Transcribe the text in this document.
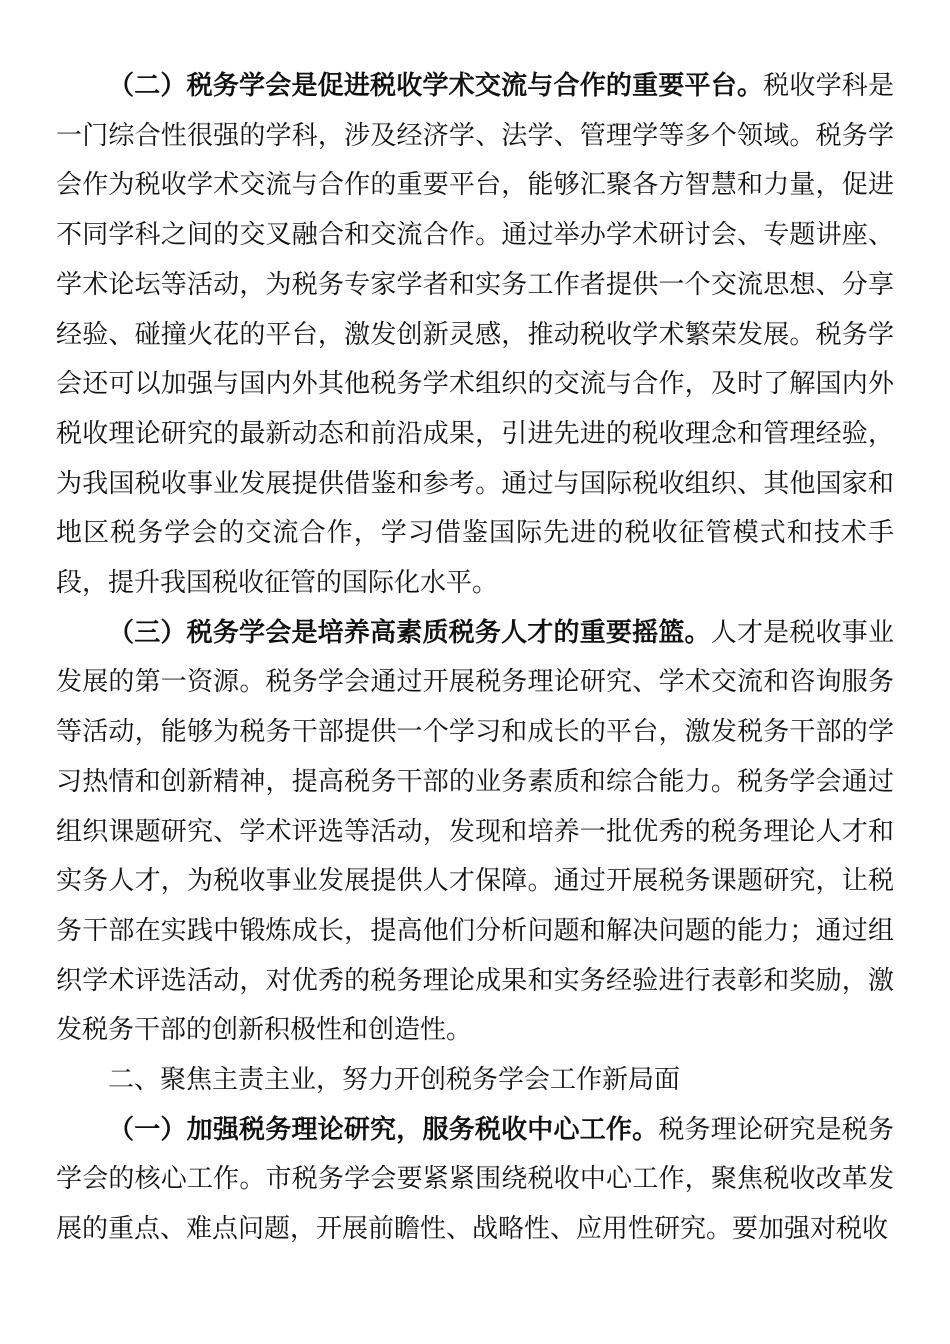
（二）税务学会是促进税收学术交流与合作的重要平台。税收学科是一门综合性很强的学科，涉及经济学、法学、管理学等多个领域。税务学会作为税收学术交流与合作的重要平台，能够汇聚各方智慧和力量，促进不同学科之间的交叉融合和交流合作。通过举办学术研讨会、专题讲座、学术论坛等活动，为税务专家学者和实务工作者提供一个交流思想、分享经验、碰撞火花的平台，激发创新灵感，推动税收学术繁荣发展。税务学会还可以加强与国内外其他税务学术组织的交流与合作，及时了解国内外税收理论研究的最新动态和前沿成果，引进先进的税收理念和管理经验，为我国税收事业发展提供借鉴和参考。通过与国际税收组织、其他国家和地区税务学会的交流合作，学习借鉴国际先进的税收征管模式和技术手段，提升我国税收征管的国际化水平。

（三）税务学会是培养高素质税务人才的重要摇篮。人才是税收事业发展的第一资源。税务学会通过开展税务理论研究、学术交流和咨询服务等活动，能够为税务干部提供一个学习和成长的平台，激发税务干部的学习热情和创新精神，提高税务干部的业务素质和综合能力。税务学会通过组织课题研究、学术评选等活动，发现和培养一批优秀的税务理论人才和实务人才，为税收事业发展提供人才保障。通过开展税务课题研究，让税务干部在实践中锻炼成长，提高他们分析问题和解决问题的能力；通过组织学术评选活动，对优秀的税务理论成果和实务经验进行表彰和奖励，激发税务干部的创新积极性和创造性。

二、聚焦主责主业，努力开创税务学会工作新局面

（一）加强税务理论研究，服务税收中心工作。税务理论研究是税务学会的核心工作。市税务学会要紧紧围绕税收中心工作，聚焦税收改革发展的重点、难点问题，开展前瞻性、战略性、应用性研究。要加强对税收
